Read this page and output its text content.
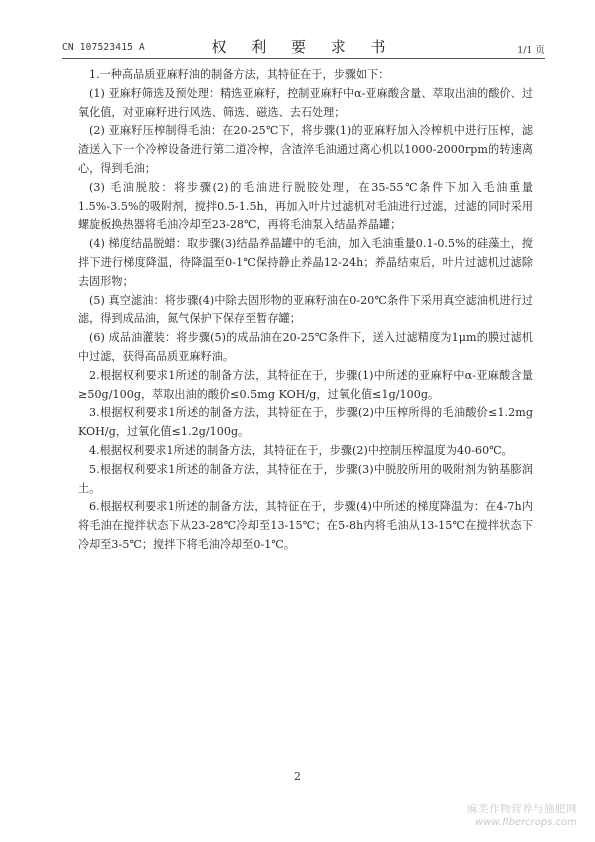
CN 107523415 A	权 利 要 求 书	1/1 页

1.一种高品质亚麻籽油的制备方法，其特征在于，步骤如下：

(1) 亚麻籽筛选及预处理：精选亚麻籽，控制亚麻籽中α-亚麻酸含量、萃取出油的酸价、过氧化值，对亚麻籽进行风选、筛选、磁选、去石处理；

(2) 亚麻籽压榨制得毛油：在20-25℃下，将步骤(1)的亚麻籽加入冷榨机中进行压榨，滤渣送入下一个冷榨设备进行第二道冷榨，含渣淬毛油通过离心机以1000-2000rpm的转速离心，得到毛油；

(3) 毛油脱胶：将步骤(2)的毛油进行脱胶处理，在35-55℃条件下加入毛油重量1.5%-3.5%的吸附剂，搅拌0.5-1.5h，再加入叶片过滤机对毛油进行过滤，过滤的同时采用螺旋板换热器将毛油冷却至23-28℃，再将毛油泵入结晶养晶罐；

(4) 梯度结晶脱蜡：取步骤(3)结晶养晶罐中的毛油，加入毛油重量0.1-0.5%的硅藻土，搅拌下进行梯度降温，待降温至0-1℃保持静止养晶12-24h；养晶结束后，叶片过滤机过滤除去固形物；

(5) 真空滤油：将步骤(4)中除去固形物的亚麻籽油在0-20℃条件下采用真空滤油机进行过滤，得到成品油，氮气保护下保存至暂存罐；

(6) 成品油灌装：将步骤(5)的成品油在20-25℃条件下，送入过滤精度为1μm的膜过滤机中过滤，获得高品质亚麻籽油。

2.根据权利要求1所述的制备方法，其特征在于，步骤(1)中所述的亚麻籽中α-亚麻酸含量≥50g/100g，萃取出油的酸价≤0.5mg KOH/g，过氧化值≤1g/100g。

3.根据权利要求1所述的制备方法，其特征在于，步骤(2)中压榨所得的毛油酸价≤1.2mg KOH/g，过氧化值≤1.2g/100g。

4.根据权利要求1所述的制备方法，其特征在于，步骤(2)中控制压榨温度为40-60℃。

5.根据权利要求1所述的制备方法，其特征在于，步骤(3)中脱胶所用的吸附剂为钠基膨润土。

6.根据权利要求1所述的制备方法，其特征在于，步骤(4)中所述的梯度降温为：在4-7h内将毛油在搅拌状态下从23-28℃冷却至13-15℃；在5-8h内将毛油从13-15℃在搅拌状态下冷却至3-5℃；搅拌下将毛油冷却至0-1℃。

2
麻类作物营养与施肥网
www.fibercrops.com
